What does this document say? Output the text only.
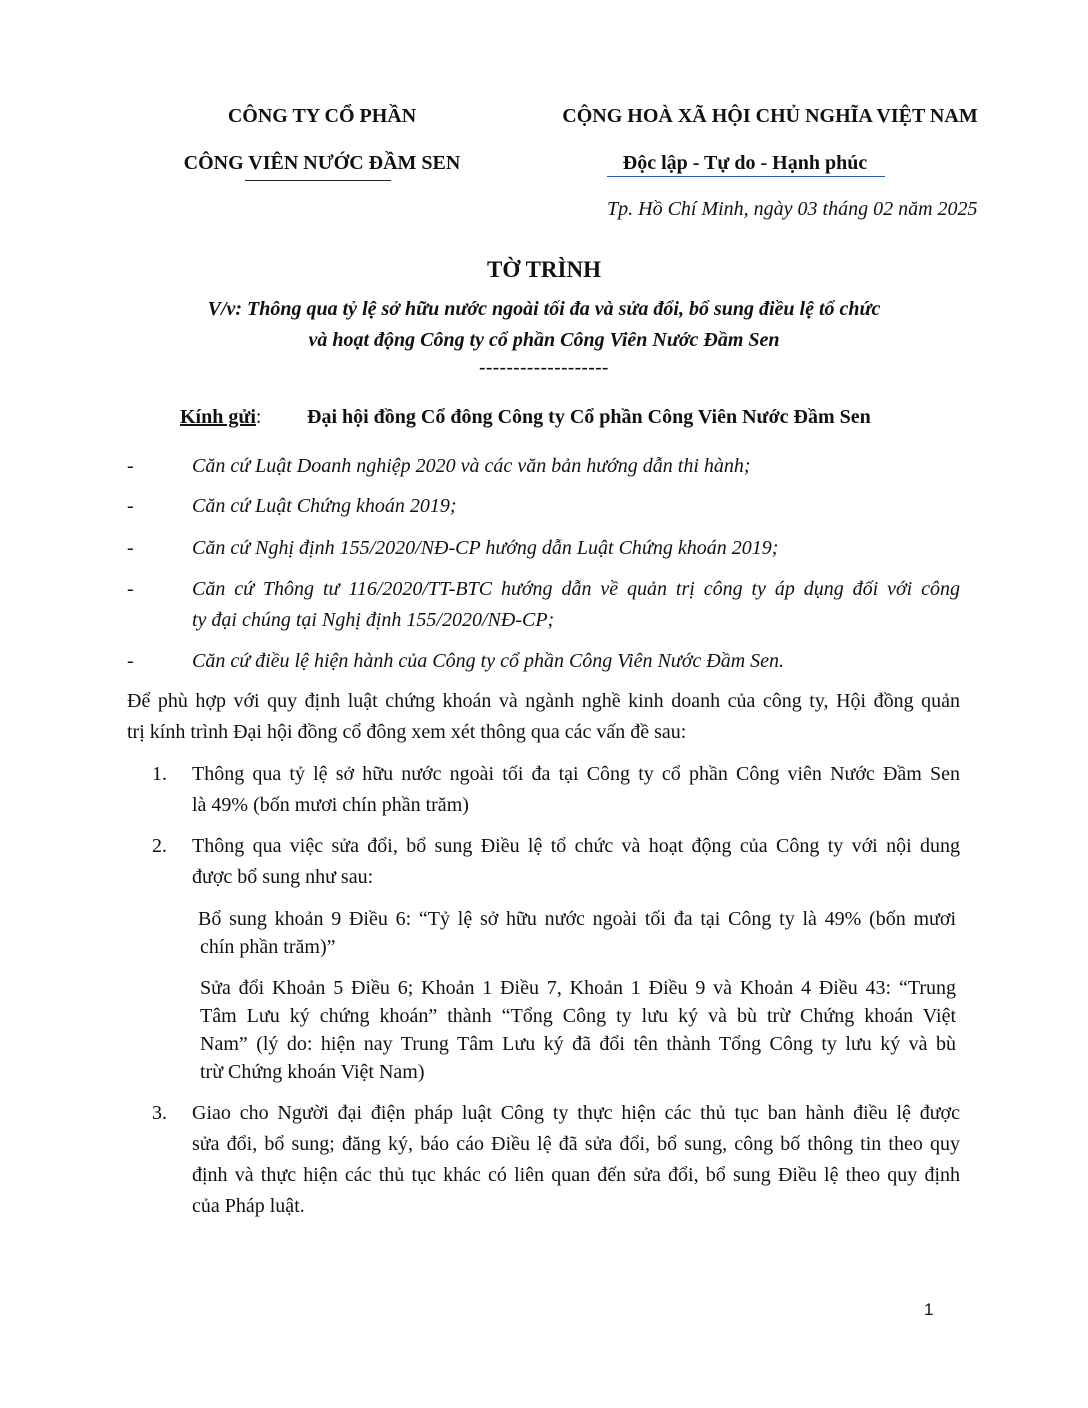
CÔNG TY CỔ PHẦN
CÔNG VIÊN NƯỚC ĐẦM SEN
CỘNG HOÀ XÃ HỘI CHỦ NGHĨA VIỆT NAM
Độc lập - Tự do - Hạnh phúc
Tp. Hồ Chí Minh, ngày 03 tháng 02 năm 2025
TỜ TRÌNH
V/v: Thông qua tỷ lệ sở hữu nước ngoài tối đa và sửa đổi, bổ sung điều lệ tổ chức
và hoạt động Công ty cổ phần Công Viên Nước Đầm Sen
-------------------
Kính gửi: Đại hội đồng Cổ đông Công ty Cổ phần Công Viên Nước Đầm Sen
-	Căn cứ Luật Doanh nghiệp 2020 và các văn bản hướng dẫn thi hành;
-	Căn cứ Luật Chứng khoán 2019;
-	Căn cứ Nghị định 155/2020/NĐ-CP hướng dẫn Luật Chứng khoán 2019;
-	Căn cứ Thông tư 116/2020/TT-BTC hướng dẫn về quản trị công ty áp dụng đối với công
ty đại chúng tại Nghị định 155/2020/NĐ-CP;
-	Căn cứ điều lệ hiện hành của Công ty cổ phần Công Viên Nước Đầm Sen.
Để phù hợp với quy định luật chứng khoán và ngành nghề kinh doanh của công ty, Hội đồng quản
trị kính trình Đại hội đồng cổ đông xem xét thông qua các vấn đề sau:
1. Thông qua tỷ lệ sở hữu nước ngoài tối đa tại Công ty cổ phần Công viên Nước Đầm Sen
là 49% (bốn mươi chín phần trăm)
2. Thông qua việc sửa đổi, bổ sung Điều lệ tổ chức và hoạt động của Công ty với nội dung
được bổ sung như sau:
Bổ sung khoản 9 Điều 6: “Tỷ lệ sở hữu nước ngoài tối đa tại Công ty là 49% (bốn mươi
chín phần trăm)”
Sửa đổi Khoản 5 Điều 6; Khoản 1 Điều 7, Khoản 1 Điều 9 và Khoản 4 Điều 43: “Trung
Tâm Lưu ký chứng khoán” thành “Tổng Công ty lưu ký và bù trừ Chứng khoán Việt
Nam” (lý do: hiện nay Trung Tâm Lưu ký đã đổi tên thành Tổng Công ty lưu ký và bù
trừ Chứng khoán Việt Nam)
3. Giao cho Người đại điện pháp luật Công ty thực hiện các thủ tục ban hành điều lệ được
sửa đổi, bổ sung; đăng ký, báo cáo Điều lệ đã sửa đổi, bổ sung, công bố thông tin theo quy
định và thực hiện các thủ tục khác có liên quan đến sửa đổi, bổ sung Điều lệ theo quy định
của Pháp luật.
1
